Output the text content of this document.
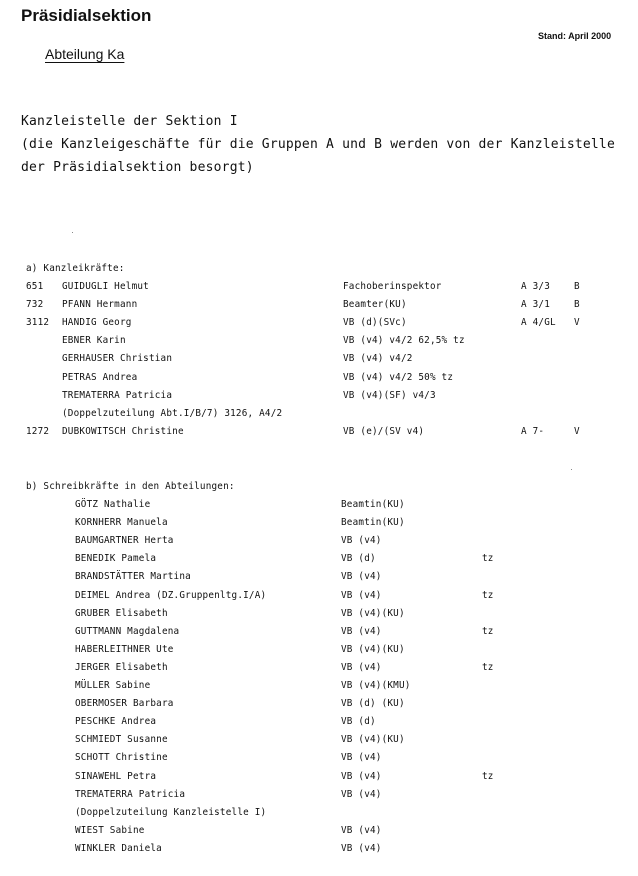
Präsidialsektion
Stand: April 2000
Abteilung Ka
Kanzleistelle der Sektion I
(die Kanzleigeschäfte für die Gruppen A und B werden von der Kanzleistelle
der Präsidialsektion besorgt)
a) Kanzleikräfte:
651 GUIDUGLI Helmut	Fachoberinspektor	A 3/3	B
732 PFANN Hermann	Beamter(KU)	A 3/1	B
3112 HANDIG Georg	VB (d)(SVc)	A 4/GL V
EBNER Karin	VB (v4) v4/2 62,5% tz
GERHAUSER Christian	VB (v4) v4/2
PETRAS Andrea	VB (v4) v4/2 50% tz
TREMATERRA Patricia	VB (v4)(SF) v4/3
(Doppelzuteilung Abt.I/B/7) 3126, A4/2
1272 DUBKOWITSCH Christine	VB (e)/(SV v4)	A 7-	V
b) Schreibkräfte in den Abteilungen:
GÖTZ Nathalie	Beamtin(KU)
KORNHERR Manuela	Beamtin(KU)
BAUMGARTNER Herta	VB (v4)
BENEDIK Pamela	VB (d)	tz
BRANDSTÄTTER Martina	VB (v4)
DEIMEL Andrea (DZ.Gruppenltg.I/A)	VB (v4)	tz
GRUBER Elisabeth	VB (v4)(KU)
GUTTMANN Magdalena	VB (v4)	tz
HABERLEITHNER Ute	VB (v4)(KU)
JERGER Elisabeth	VB (v4)	tz
MÜLLER Sabine	VB (v4)(KMU)
OBERMOSER Barbara	VB (d) (KU)
PESCHKE Andrea	VB (d)
SCHMIEDT Susanne	VB (v4)(KU)
SCHOTT Christine	VB (v4)
SINAWEHL Petra	VB (v4)	tz
TREMATERRA Patricia	VB (v4)
(Doppelzuteilung Kanzleistelle I)
WIEST Sabine	VB (v4)
WINKLER Daniela	VB (v4)
